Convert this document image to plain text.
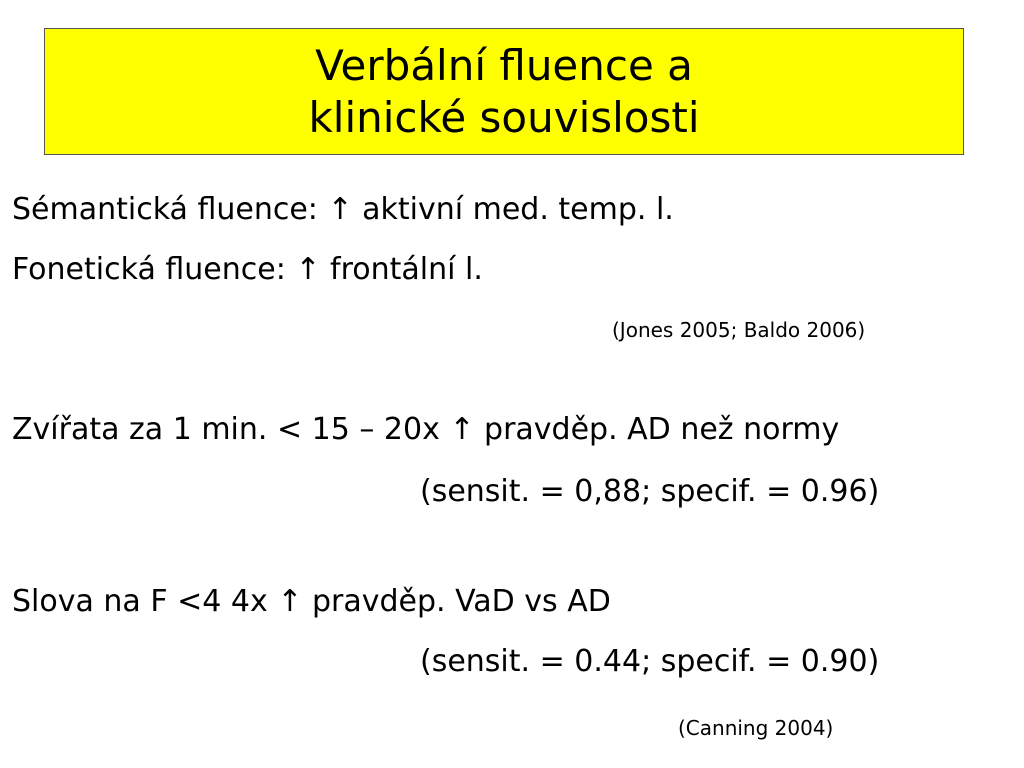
Verbální fluence a
klinické souvislosti
Sémantická fluence: ↑ aktivní med. temp. l.
Fonetická fluence: ↑ frontální l.
(Jones 2005; Baldo 2006)
Zvířata za 1 min. < 15 – 20x ↑ pravděp. AD než normy
(sensit. = 0,88; specif. = 0.96)
Slova na F <4 4x ↑ pravděp. VaD vs AD
(sensit. = 0.44; specif. = 0.90)
(Canning 2004)
